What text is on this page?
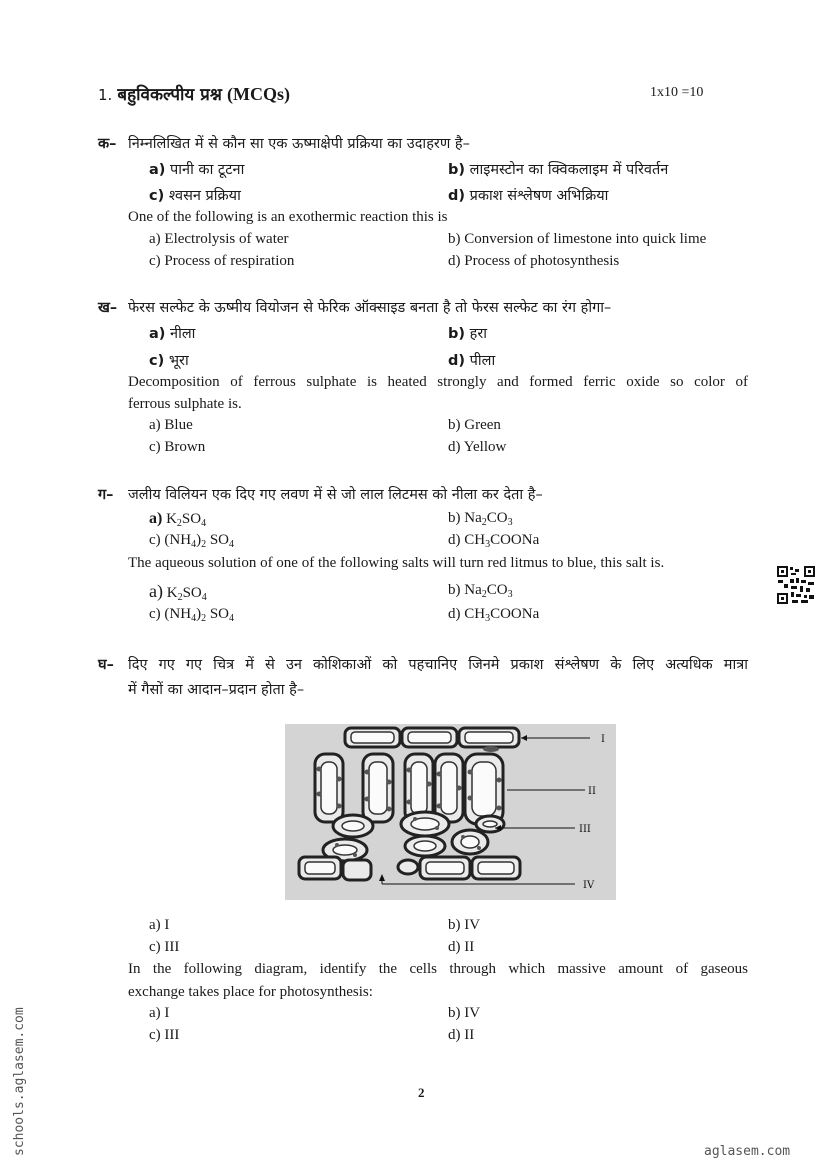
1. बहुविकल्पीय प्रश्न (MCQs)	1x10 =10
क– निम्नलिखित में से कौन सा एक ऊष्माक्षेपी प्रक्रिया का उदाहरण है–
a) पानी का टूटना	b) लाइमस्टोन का क्विकलाइम में परिवर्तन
c) श्वसन प्रक्रिया	d) प्रकाश संश्लेषण अभिक्रिया
One of the following is an exothermic reaction this is
a) Electrolysis of water	b) Conversion of limestone into quick lime
c) Process of respiration	d) Process of photosynthesis
ख– फेरस सल्फेट के ऊष्मीय वियोजन से फेरिक ऑक्साइड बनता है तो फेरस सल्फेट का रंग होगा–
a) नीला	b) हरा
c) भूरा	d) पीला
Decomposition of ferrous sulphate is heated strongly and formed ferric oxide so color of
ferrous sulphate is.
a) Blue	b) Green
c) Brown	d) Yellow
ग– जलीय विलियन एक दिए गए लवण में से जो लाल लिटमस को नीला कर देता है–
a) $K_2SO_4$	b) $Na_2CO_3$
c) $(NH_4)_2$ $SO_4$	d) $CH_3COONa$
The aqueous solution of one of the following salts will turn red litmus to blue, this salt is.
a) $K_2SO_4$	b) $Na_2CO_3$
c) $(NH_4)_2$ $SO_4$	d) $CH_3COONa$
घ– दिए गए गए चित्र में से उन कोशिकाओं को पहचानिए जिनमे प्रकाश संश्लेषण के लिए अत्यधिक मात्रा
में गैसों का आदान–प्रदान होता है–
I
II
III
IV
a) I	b) IV
c) III	d) II
In the following diagram, identify the cells through which massive amount of gaseous
exchange takes place for photosynthesis:
a) I	b) IV
c) III	d) II
2
schools.aglasem.com	aglasem.com
